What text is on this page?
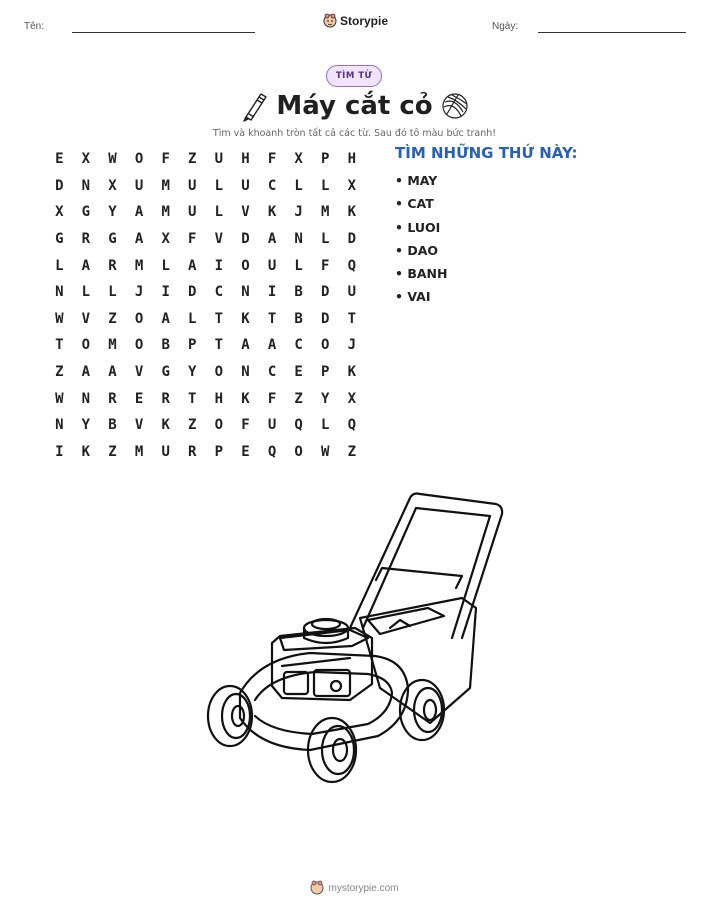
Tên:	Storypie	Ngày:
TÌM TỪ
Máy cắt cỏ
Tìm và khoanh tròn tất cả các từ. Sau đó tô màu bức tranh!
E	X	W	O	F	Z	U	H	F	X	P	H
D	N	X	U	M	U	L	U	C	L	L	X
X	G	Y	A	M	U	L	V	K	J	M	K
G	R	G	A	X	F	V	D	A	N	L	D
L	A	R	M	L	A	I	O	U	L	F	Q
N	L	L	J	I	D	C	N	I	B	D	U
W	V	Z	O	A	L	T	K	T	B	D	T
T	O	M	O	B	P	T	A	A	C	O	J
Z	A	A	V	G	Y	O	N	C	E	P	K
W	N	R	E	R	T	H	K	F	Z	Y	X
N	Y	B	V	K	Z	O	F	U	Q	L	Q
I	K	Z	M	U	R	P	E	Q	O	W	Z
TÌM NHỮNG THỨ NÀY:
• MAY
• CAT
• LUOI
• DAO
• BANH
• VAI
mystorypie.com
